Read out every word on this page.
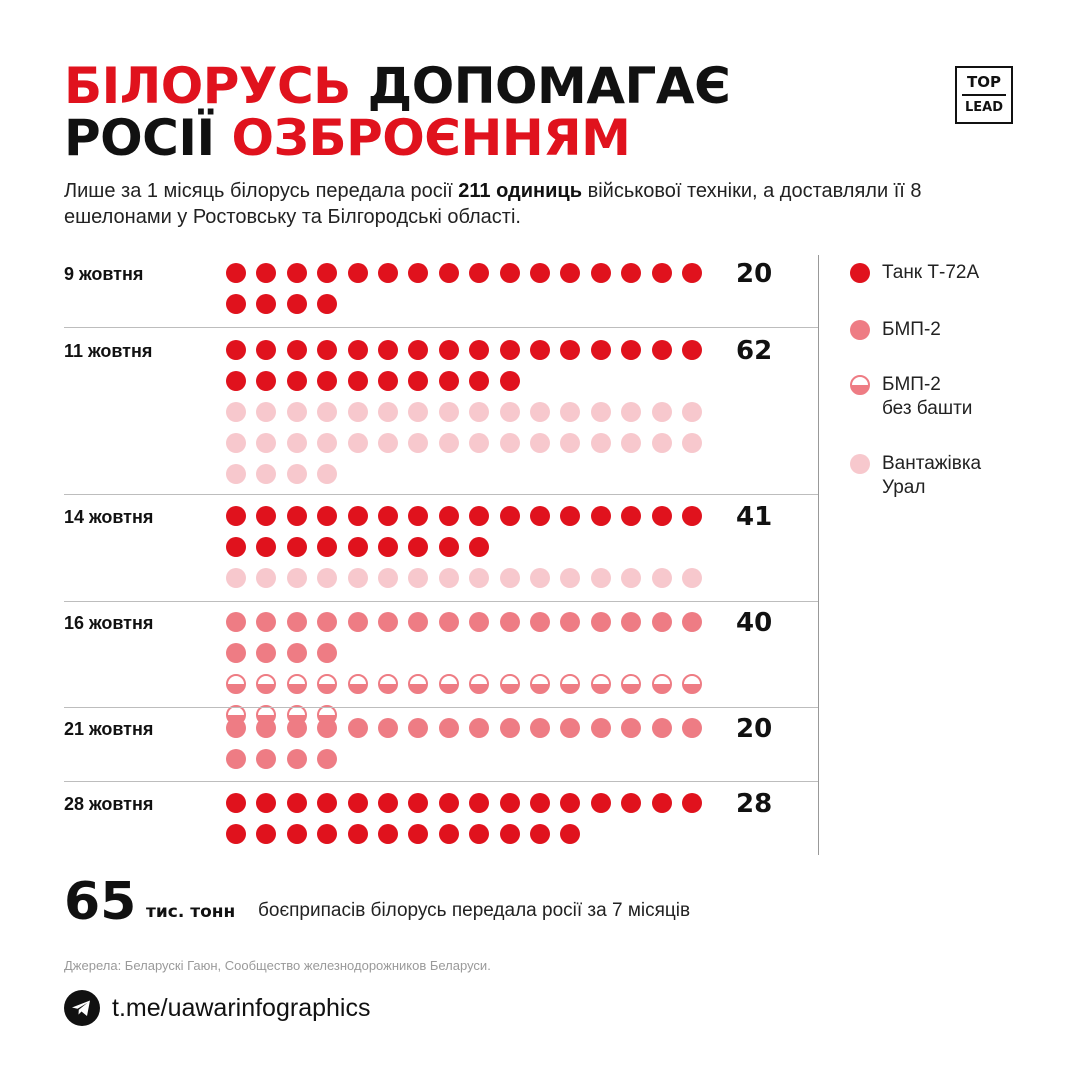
БІЛОРУСЬ ДОПОМАГАЄ
РОСІЇ ОЗБРОЄННЯМ
TOP
LEAD

Лише за 1 місяць білорусь передала росії 211 одиниць військової техніки, а доставляли її 8 ешелонами у Ростовську та Білгородські області.

9 жовтня	20
11 жовтня	62
14 жовтня	41
16 жовтня	40
21 жовтня	20
28 жовтня	28
Танк Т-72А
БМП-2
БМП-2
без башти
Вантажівка
Урал
65 тис. тонн боєприпасів білорусь передала росії за 7 місяців
Джерела: Беларускі Гаюн, Сообщество железнодорожников Беларуси.
t.me/uawarinfographics
